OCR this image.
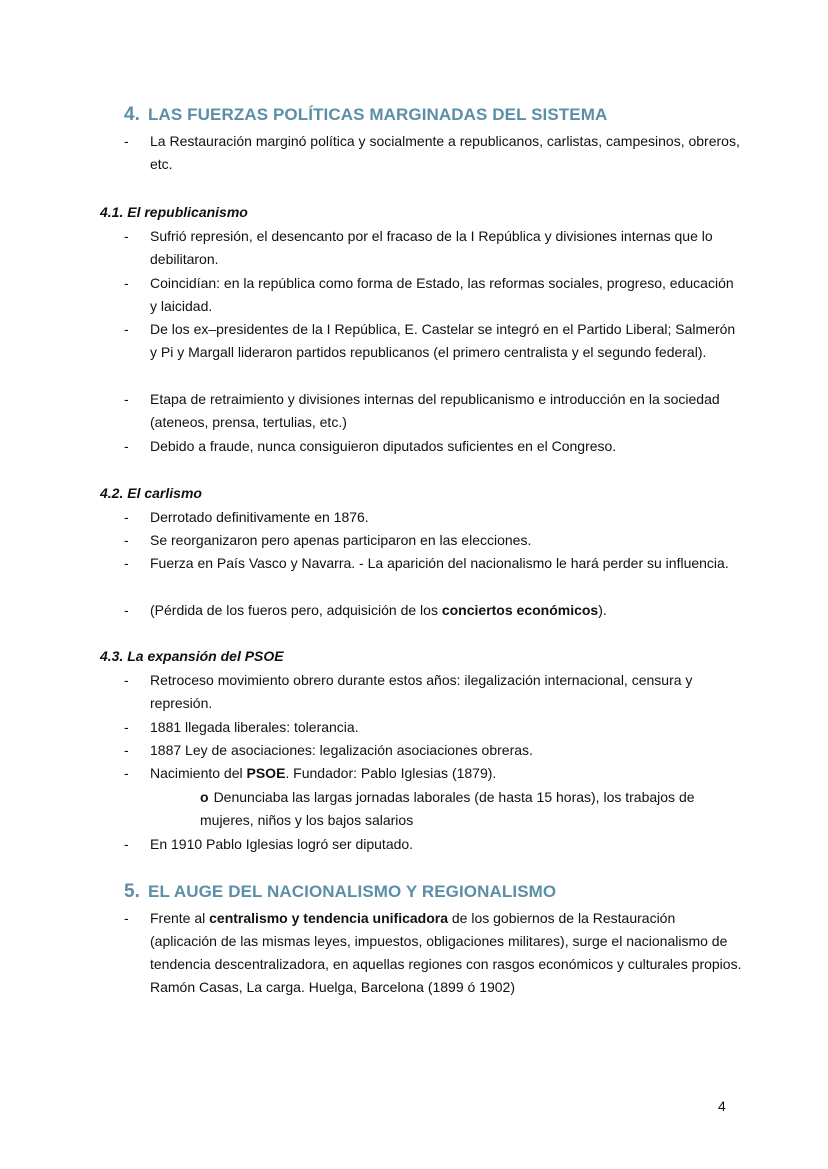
4. LAS FUERZAS POLÍTICAS MARGINADAS DEL SISTEMA
- La Restauración marginó política y socialmente a republicanos, carlistas, campesinos, obreros, etc.
4.1. El republicanismo
- Sufrió represión, el desencanto por el fracaso de la I República y divisiones internas que lo debilitaron.
- Coincidían: en la república como forma de Estado, las reformas sociales, progreso, educación y laicidad.
- De los ex–presidentes de la I República, E. Castelar se integró en el Partido Liberal; Salmerón y Pi y Margall lideraron partidos republicanos (el primero centralista y el segundo federal).
- Etapa de retraimiento y divisiones internas del republicanismo e introducción en la sociedad (ateneos, prensa, tertulias, etc.)
- Debido a fraude, nunca consiguieron diputados suficientes en el Congreso.
4.2. El carlismo
- Derrotado definitivamente en 1876.
- Se reorganizaron pero apenas participaron en las elecciones.
- Fuerza en País Vasco y Navarra. - La aparición del nacionalismo le hará perder su influencia.
- (Pérdida de los fueros pero, adquisición de los conciertos económicos).
4.3. La expansión del PSOE
- Retroceso movimiento obrero durante estos años: ilegalización internacional, censura y represión.
- 1881 llegada liberales: tolerancia.
- 1887 Ley de asociaciones: legalización asociaciones obreras.
- Nacimiento del PSOE. Fundador: Pablo Iglesias (1879).
o Denunciaba las largas jornadas laborales (de hasta 15 horas), los trabajos de mujeres, niños y los bajos salarios
- En 1910 Pablo Iglesias logró ser diputado.
5. EL AUGE DEL NACIONALISMO Y REGIONALISMO
- Frente al centralismo y tendencia unificadora de los gobiernos de la Restauración (aplicación de las mismas leyes, impuestos, obligaciones militares), surge el nacionalismo de tendencia descentralizadora, en aquellas regiones con rasgos económicos y culturales propios. Ramón Casas, La carga. Huelga, Barcelona (1899 ó 1902)
4
